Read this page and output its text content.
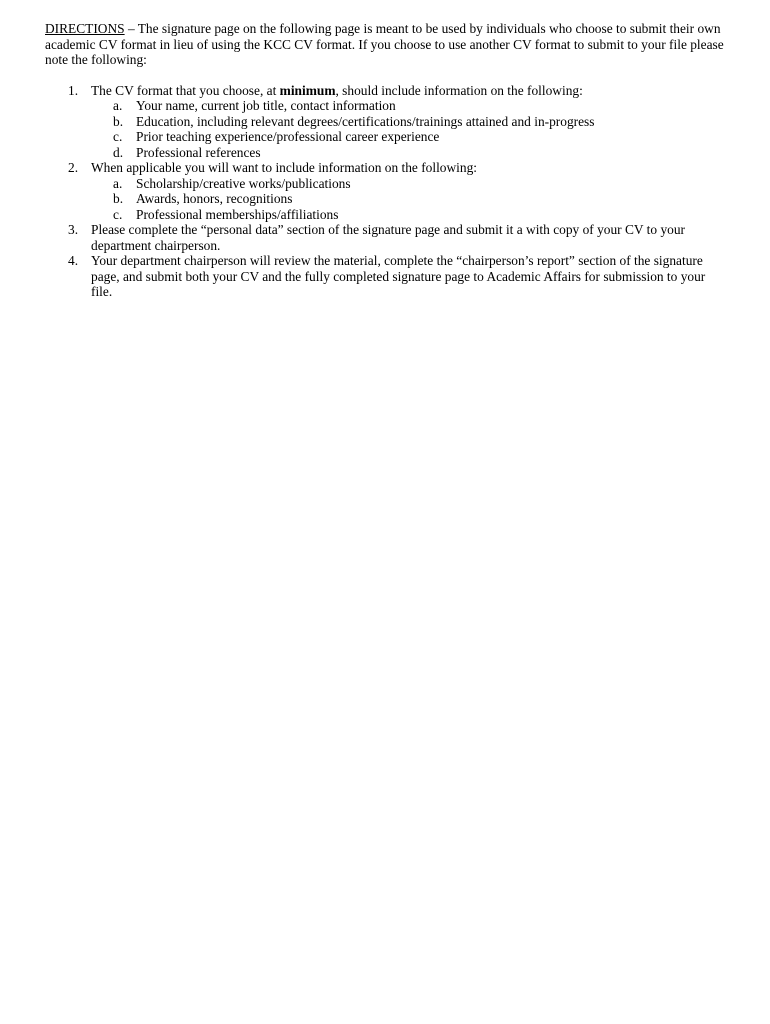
DIRECTIONS – The signature page on the following page is meant to be used by individuals who choose to submit their own academic CV format in lieu of using the KCC CV format. If you choose to use another CV format to submit to your file please note the following:

1. The CV format that you choose, at minimum, should include information on the following:
a. Your name, current job title, contact information
b. Education, including relevant degrees/certifications/trainings attained and in-progress
c. Prior teaching experience/professional career experience
d. Professional references
2. When applicable you will want to include information on the following:
a. Scholarship/creative works/publications
b. Awards, honors, recognitions
c. Professional memberships/affiliations
3. Please complete the “personal data” section of the signature page and submit it a with copy of your CV to your department chairperson.
4. Your department chairperson will review the material, complete the “chairperson’s report” section of the signature page, and submit both your CV and the fully completed signature page to Academic Affairs for submission to your file.
